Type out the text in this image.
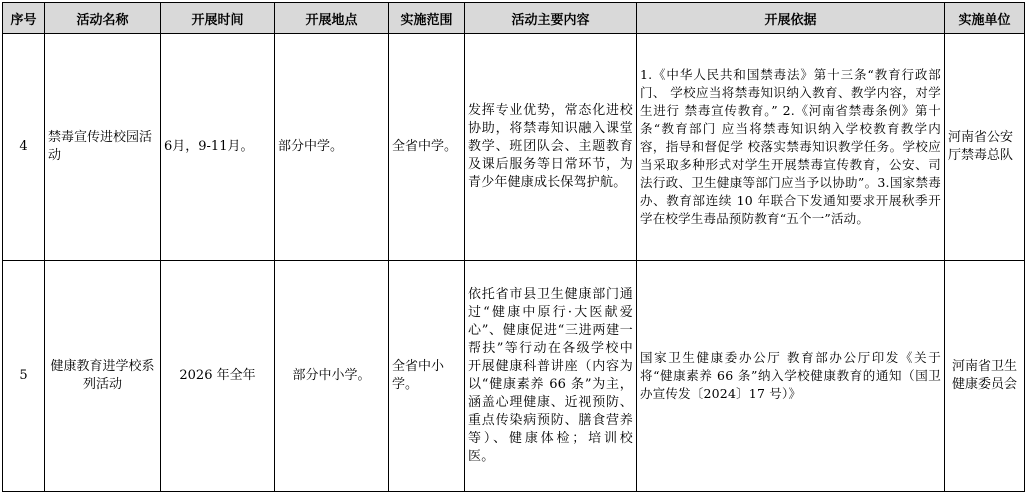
序号	活动名称	开展时间	开展地点	实施范围	活动主要内容	开展依据	实施单位
4	禁毒宣传进校园活动	6月，9-11月。	部分中学。	全省中学。	发挥专业优势，常态化进校协助，将禁毒知识融入课堂教学、班团队会、主题教育及课后服务等日常环节，为青少年健康成长保驾护航。	1.《中华人民共和国禁毒法》第十三条“教育行政部门、 学校应当将禁毒知识纳入教育、教学内容，对学生进行 禁毒宣传教育。” 2.《河南省禁毒条例》第十条“教育部门 应当将禁毒知识纳入学校教育教学内容，指导和督促学 校落实禁毒知识教学任务。学校应当采取多种形式对学生开展禁毒宣传教育，公安、司法行政、卫生健康等部门应当予以协助”。3.国家禁毒办、教育部连续 10 年联合下发通知要求开展秋季开学在校学生毒品预防教育“五个一”活动。	河南省公安厅禁毒总队
5	健康教育进学校系列活动	2026 年全年	部分中小学。	全省中小学。	依托省市县卫生健康部门通过“健康中原行·大医献爱心”、健康促进“三进两建一帮扶”等行动在各级学校中开展健康科普讲座（内容为以“健康素养 66 条”为主，涵盖心理健康、近视预防、重点传染病预防、膳食营养等）、健康体检；培训校医。	国家卫生健康委办公厅 教育部办公厅印发《关于将“健康素养 66 条”纳入学校健康教育的通知（国卫办宣传发〔2024〕17 号）》	河南省卫生健康委员会
